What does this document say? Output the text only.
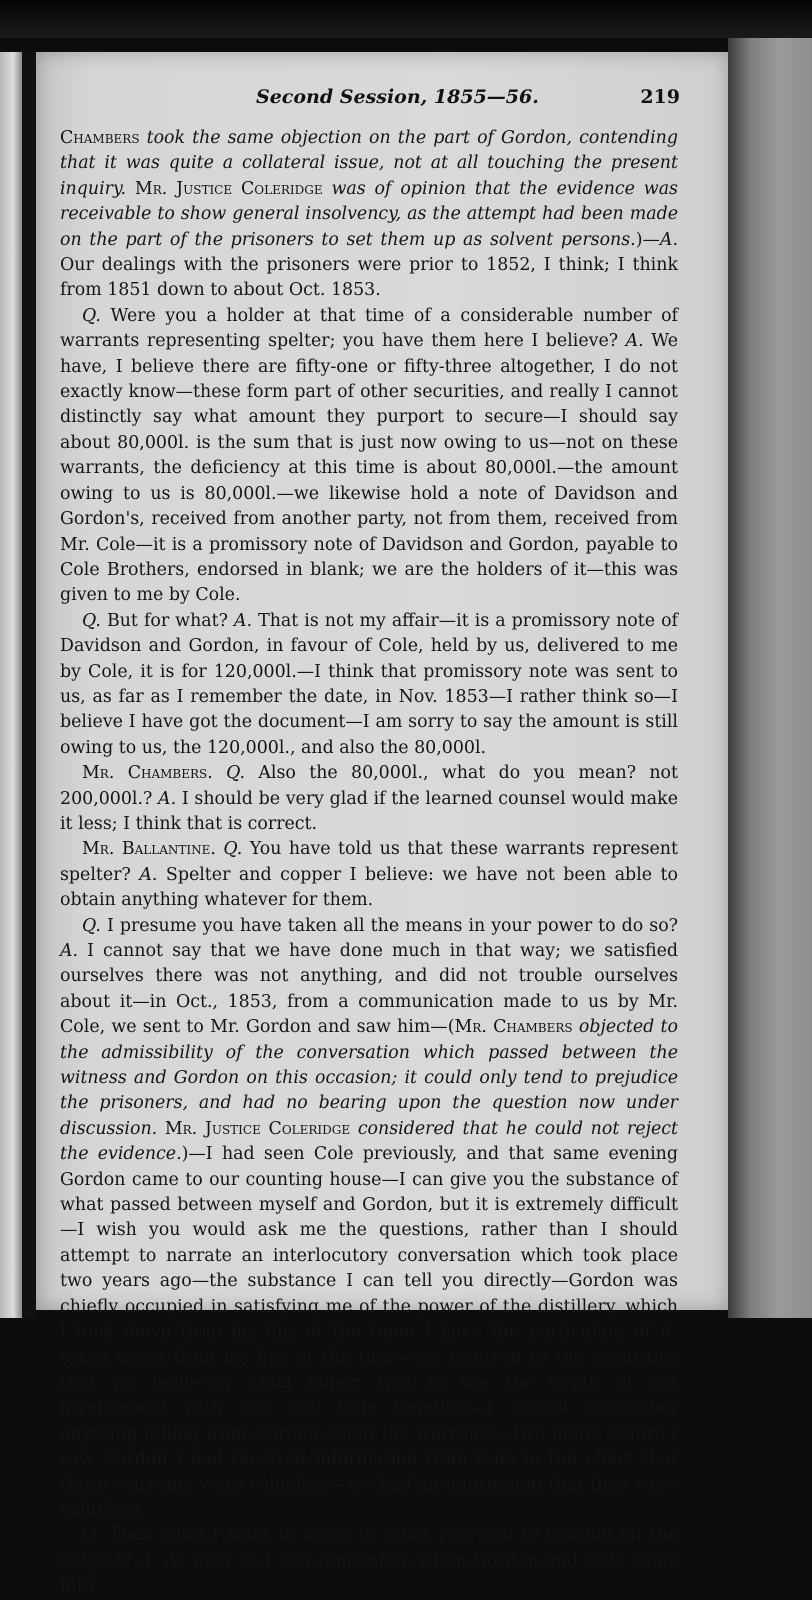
Second Session, 1855—56.	219

Chambers took the same objection on the part of Gordon, contending that it was quite a collateral issue, not at all touching the present inquiry. Mr. Justice Coleridge was of opinion that the evidence was receivable to show general insolvency, as the attempt had been made on the part of the prisoners to set them up as solvent persons.)—A. Our dealings with the prisoners were prior to 1852, I think; I think from 1851 down to about Oct. 1853.

Q. Were you a holder at that time of a considerable number of warrants representing spelter; you have them here I believe? A. We have, I believe there are fifty-one or fifty-three altogether, I do not exactly know—these form part of other securities, and really I cannot distinctly say what amount they purport to secure—I should say about 80,000l. is the sum that is just now owing to us—not on these warrants, the deficiency at this time is about 80,000l.—the amount owing to us is 80,000l.—we likewise hold a note of Davidson and Gordon's, received from another party, not from them, received from Mr. Cole—it is a promissory note of Davidson and Gordon, payable to Cole Brothers, endorsed in blank; we are the holders of it—this was given to me by Cole.

Q. But for what? A. That is not my affair—it is a promissory note of Davidson and Gordon, in favour of Cole, held by us, delivered to me by Cole, it is for 120,000l.—I think that promissory note was sent to us, as far as I remember the date, in Nov. 1853—I rather think so—I believe I have got the document—I am sorry to say the amount is still owing to us, the 120,000l., and also the 80,000l.

Mr. Chambers. Q. Also the 80,000l., what do you mean? not 200,000l.? A. I should be very glad if the learned counsel would make it less; I think that is correct.

Mr. Ballantine. Q. You have told us that these warrants represent spelter? A. Spelter and copper I believe: we have not been able to obtain anything whatever for them.

Q. I presume you have taken all the means in your power to do so? A. I cannot say that we have done much in that way; we satisfied ourselves there was not anything, and did not trouble ourselves about it—in Oct., 1853, from a communication made to us by Mr. Cole, we sent to Mr. Gordon and saw him—(Mr. Chambers objected to the admissibility of the conversation which passed between the witness and Gordon on this occasion; it could only tend to prejudice the prisoners, and had no bearing upon the question now under discussion. Mr. Justice Coleridge considered that he could not reject the evidence.)—I had seen Cole previously, and that same evening Gordon came to our counting house—I can give you the substance of what passed between myself and Gordon, but it is extremely difficult—I wish you would ask me the questions, rather than I should attempt to narrate an interlocutory conversation which took place two years ago—the substance I can tell you directly—Gordon was chiefly occupied in satisfying me of the power of the distillery, which I took down from his lips at the time; I have the particulars of it, taken down from his lips at the time—we referred to the securities that we held—my chief object was to see the depth of our involvement with him and Cole together—I cannot remember anything falling from Gordon about the warrants—two hours before I saw Gordon I had received information from Cole to the effect that those warrants were valueless—we had an impression that they were valueless.

Q. Then what I want to know is, what you said to Gordon on the subject? A. As near as I can remember, when Gordon and Cole came into
